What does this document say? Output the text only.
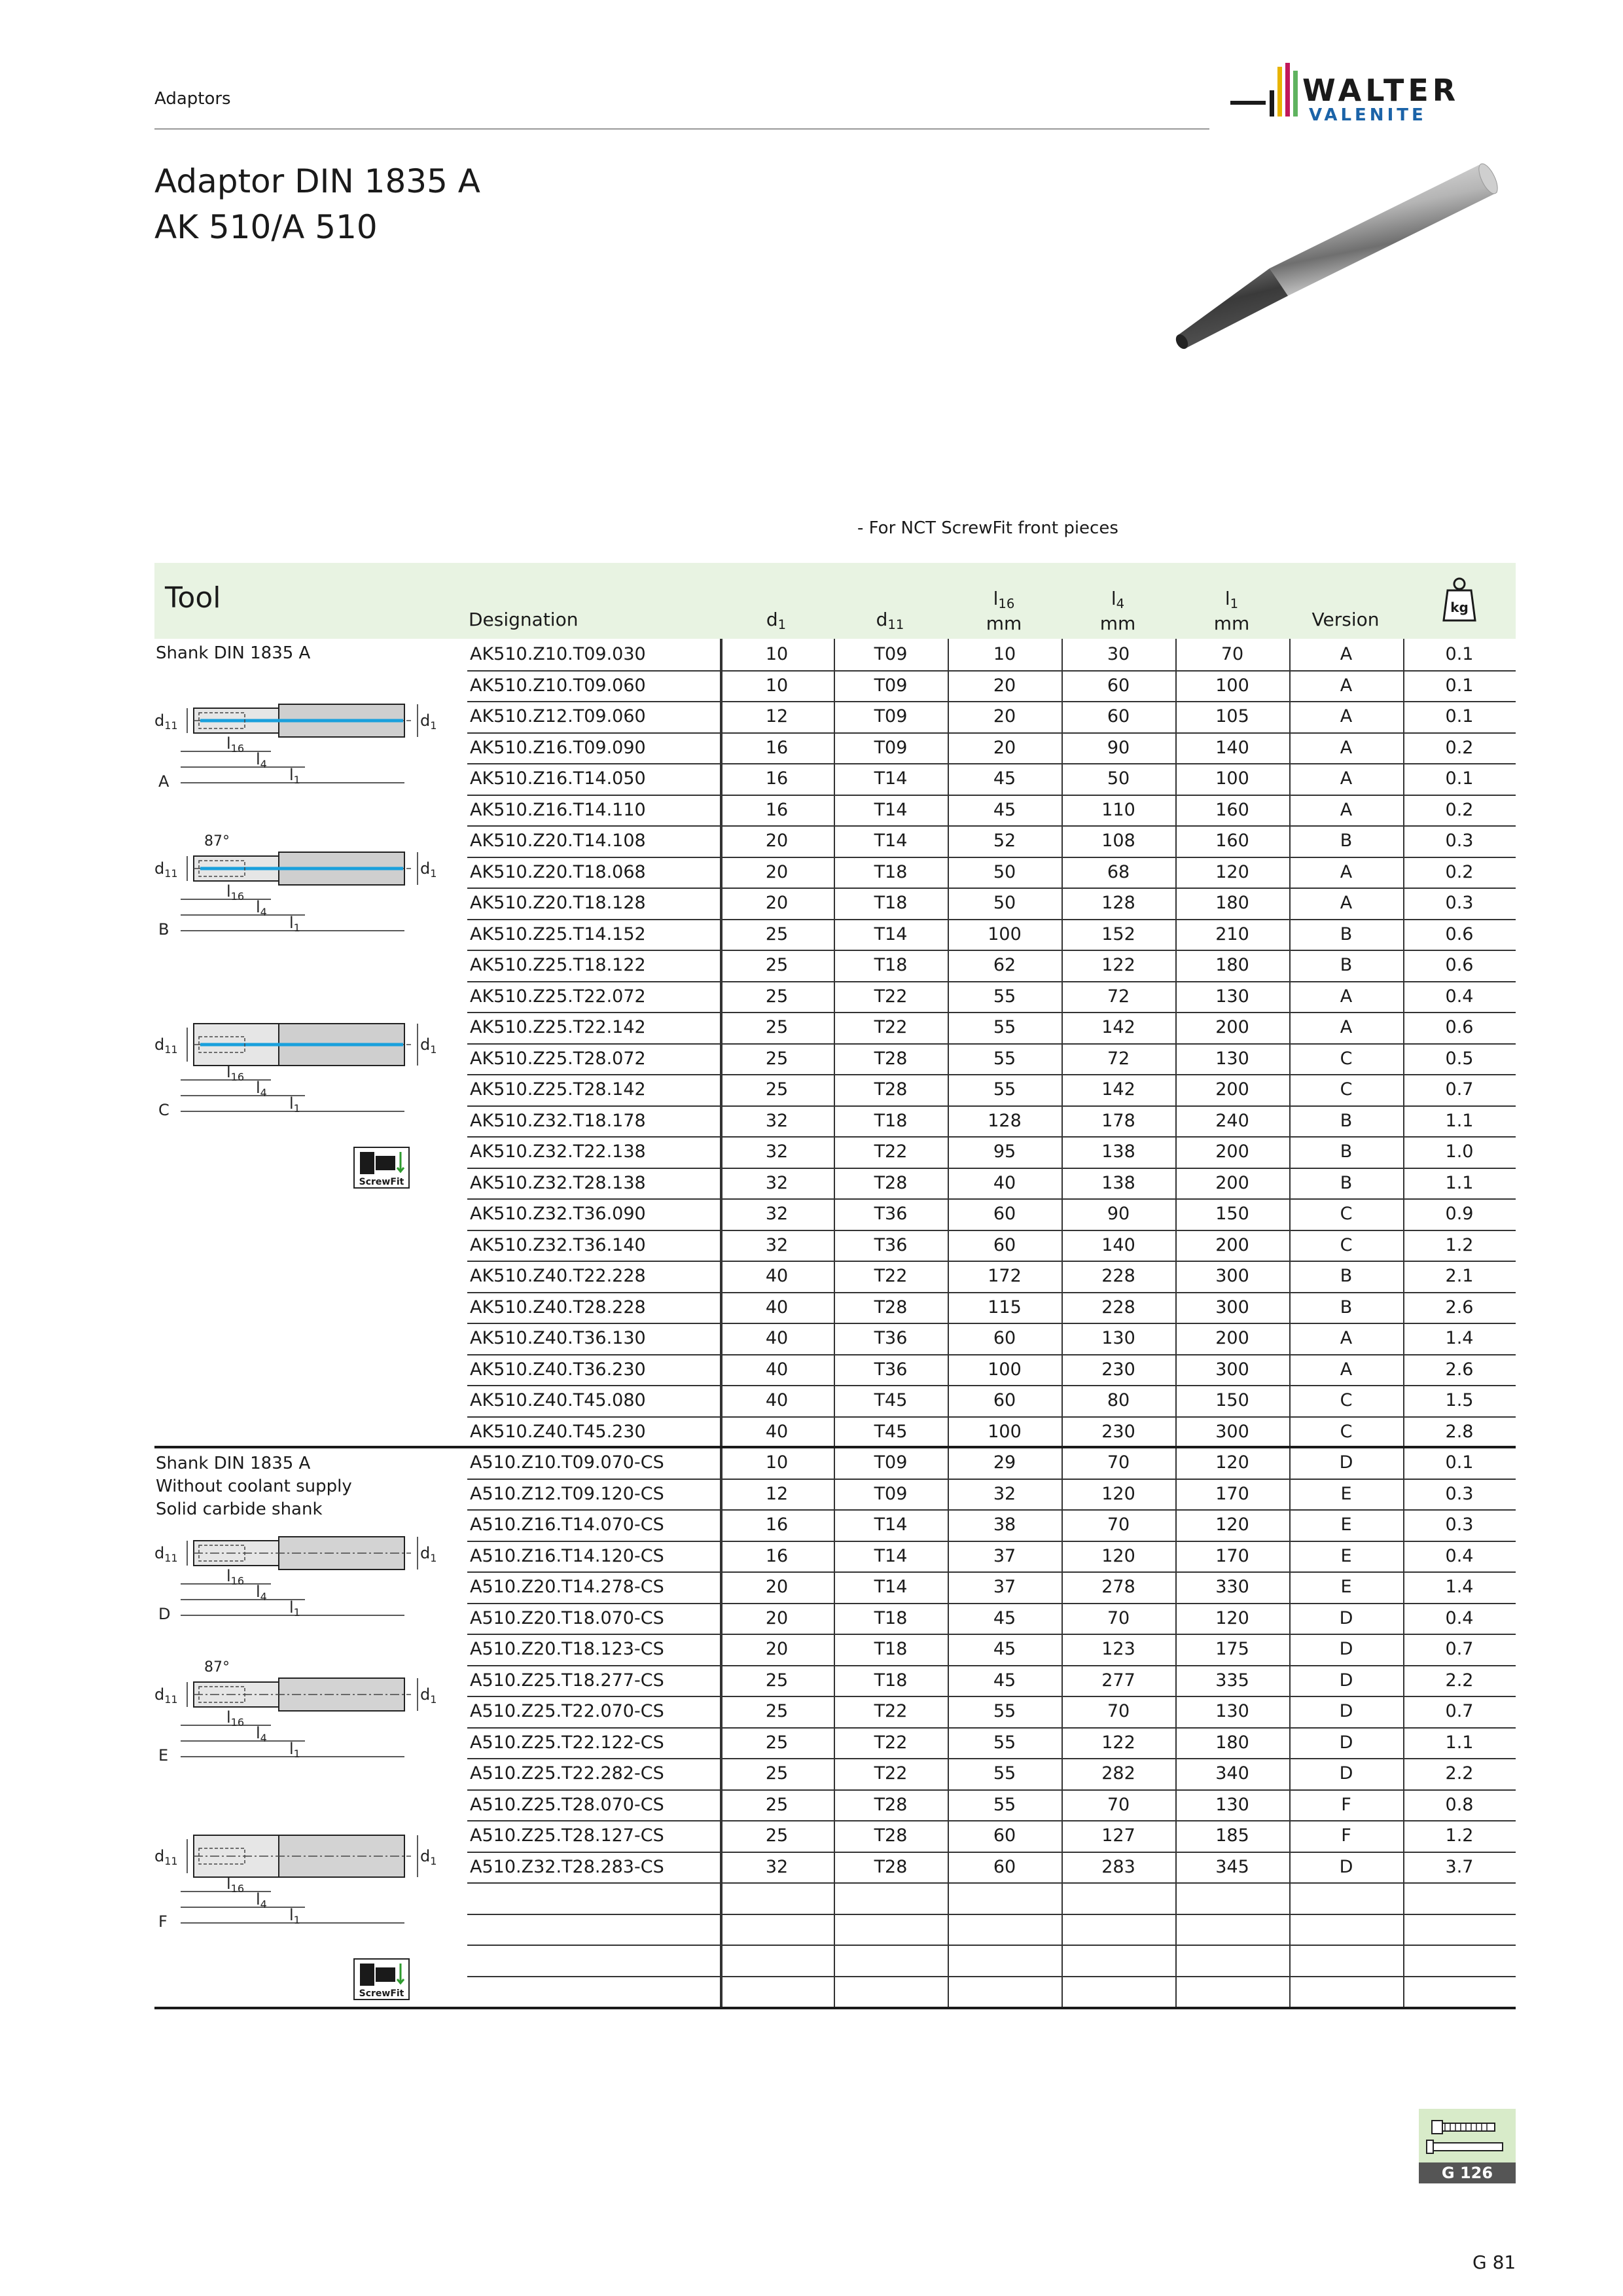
Adaptors	WALTER
VALENITE
Adaptor DIN 1835 A
AK 510/A 510
- For NCT ScrewFit front pieces
Tool
Designation	$d_1$	$d_{11}$
$l_{16}$
mm
$l_4$
mm
$l_1$
mm	Version
kg
AK510.Z10.T09.030	10	T09	10	30	70	A	0.1
AK510.Z10.T09.060	10	T09	20	60	100	A	0.1
AK510.Z12.T09.060	12	T09	20	60	105	A	0.1
AK510.Z16.T09.090	16	T09	20	90	140	A	0.2
AK510.Z16.T14.050	16	T14	45	50	100	A	0.1
AK510.Z16.T14.110	16	T14	45	110	160	A	0.2
AK510.Z20.T14.108	20	T14	52	108	160	B	0.3
AK510.Z20.T18.068	20	T18	50	68	120	A	0.2
AK510.Z20.T18.128	20	T18	50	128	180	A	0.3
AK510.Z25.T14.152	25	T14	100	152	210	B	0.6
AK510.Z25.T18.122	25	T18	62	122	180	B	0.6
AK510.Z25.T22.072	25	T22	55	72	130	A	0.4
AK510.Z25.T22.142	25	T22	55	142	200	A	0.6
AK510.Z25.T28.072	25	T28	55	72	130	C	0.5
AK510.Z25.T28.142	25	T28	55	142	200	C	0.7
AK510.Z32.T18.178	32	T18	128	178	240	B	1.1
AK510.Z32.T22.138	32	T22	95	138	200	B	1.0
AK510.Z32.T28.138	32	T28	40	138	200	B	1.1
AK510.Z32.T36.090	32	T36	60	90	150	C	0.9
AK510.Z32.T36.140	32	T36	60	140	200	C	1.2
AK510.Z40.T22.228	40	T22	172	228	300	B	2.1
AK510.Z40.T28.228	40	T28	115	228	300	B	2.6
AK510.Z40.T36.130	40	T36	60	130	200	A	1.4
AK510.Z40.T36.230	40	T36	100	230	300	A	2.6
AK510.Z40.T45.080	40	T45	60	80	150	C	1.5
AK510.Z40.T45.230	40	T45	100	230	300	C	2.8
A510.Z10.T09.070-CS	10	T09	29	70	120	D	0.1
A510.Z12.T09.120-CS	12	T09	32	120	170	E	0.3
A510.Z16.T14.070-CS	16	T14	38	70	120	E	0.3
A510.Z16.T14.120-CS	16	T14	37	120	170	E	0.4
A510.Z20.T14.278-CS	20	T14	37	278	330	E	1.4
A510.Z20.T18.070-CS	20	T18	45	70	120	D	0.4
A510.Z20.T18.123-CS	20	T18	45	123	175	D	0.7
A510.Z25.T18.277-CS	25	T18	45	277	335	D	2.2
A510.Z25.T22.070-CS	25	T22	55	70	130	D	0.7
A510.Z25.T22.122-CS	25	T22	55	122	180	D	1.1
A510.Z25.T22.282-CS	25	T22	55	282	340	D	2.2
A510.Z25.T28.070-CS	25	T28	55	70	130	F	0.8
A510.Z25.T28.127-CS	25	T28	60	127	185	F	1.2
A510.Z32.T28.283-CS	32	T28	60	283	345	D	3.7
Shank DIN 1835 A
Shank DIN 1835 A
Without coolant supply
Solid carbide shank
$d_{11}$	$d_1$
$l_{16}$
$l_4$
$l_1$
A
$d_{11}$	$d_1$
$l_{16}$
$l_4$
$l_1$
B
87°
$d_{11}$	$d_1$
$l_{16}$
$l_4$
$l_1$
C
$d_{11}$	$d_1$
$l_{16}$
$l_4$
$l_1$
D
$d_{11}$	$d_1$
$l_{16}$
$l_4$
$l_1$
E
87°
$d_{11}$	$d_1$
$l_{16}$
$l_4$
$l_1$
F
ScrewFit
ScrewFit
G 126
G 81
